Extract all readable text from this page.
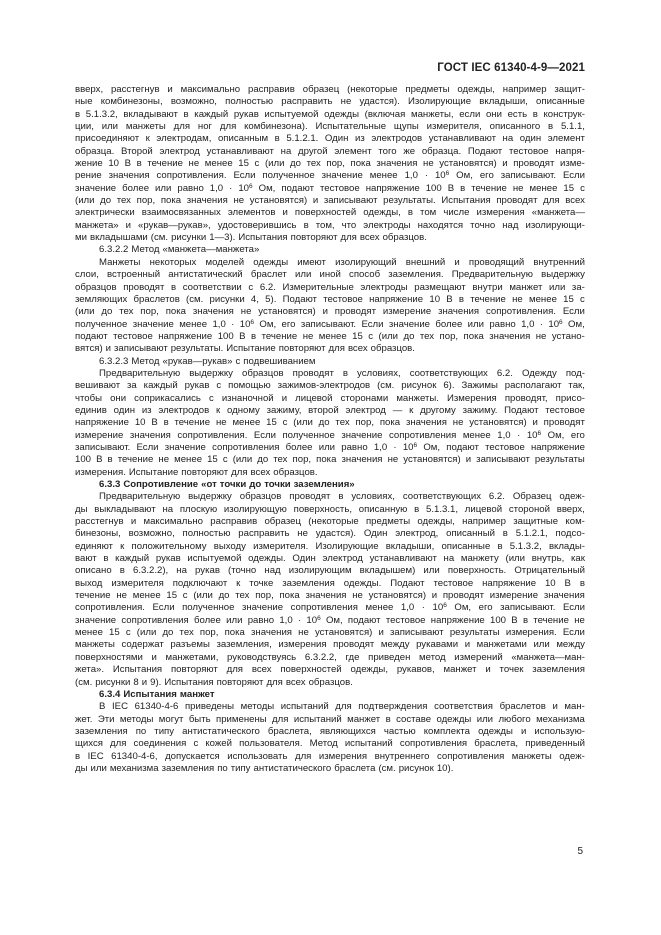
ГОСТ IEC 61340-4-9—2021
вверх, расстегнув и максимально расправив образец (некоторые предметы одежды, например защит-
ные комбинезоны, возможно, полностью расправить не удастся). Изолирующие вкладыши, описанные
в 5.1.3.2, вкладывают в каждый рукав испытуемой одежды (включая манжеты, если они есть в конструк-
ции, или манжеты для ног для комбинезона). Испытательные щупы измерителя, описанного в 5.1.1,
присоединяют к электродам, описанным в 5.1.2.1. Один из электродов устанавливают на один элемент
образца. Второй электрод устанавливают на другой элемент того же образца. Подают тестовое напря-
жение 10 В в течение не менее 15 с (или до тех пор, пока значения не установятся) и проводят изме-
рение значения сопротивления. Если полученное значение менее $1,0 \cdot 10^6$ Ом, его записывают. Если
значение более или равно $1,0 \cdot 10^6$ Ом, подают тестовое напряжение 100 В в течение не менее 15 с
(или до тех пор, пока значения не установятся) и записывают результаты. Испытания проводят для всех
электрически взаимосвязанных элементов и поверхностей одежды, в том числе измерения «манжета—
манжета» и «рукав—рукав», удостоверившись в том, что электроды находятся точно над изолирующи-
ми вкладышами (см. рисунки 1—3). Испытания повторяют для всех образцов.
6.3.2.2 Метод «манжета—манжета»
Манжеты некоторых моделей одежды имеют изолирующий внешний и проводящий внутренний
слои, встроенный антистатический браслет или иной способ заземления. Предварительную выдержку
образцов проводят в соответствии с 6.2. Измерительные электроды размещают внутри манжет или за-
земляющих браслетов (см. рисунки 4, 5). Подают тестовое напряжение 10 В в течение не менее 15 с
(или до тех пор, пока значения не установятся) и проводят измерение значения сопротивления. Если
полученное значение менее $1,0 \cdot 10^6$ Ом, его записывают. Если значение более или равно $1,0 \cdot 10^6$ Ом,
подают тестовое напряжение 100 В в течение не менее 15 с (или до тех пор, пока значения не устано-
вятся) и записывают результаты. Испытание повторяют для всех образцов.
6.3.2.3 Метод «рукав—рукав» с подвешиванием
Предварительную выдержку образцов проводят в условиях, соответствующих 6.2. Одежду под-
вешивают за каждый рукав с помощью зажимов-электродов (см. рисунок 6). Зажимы располагают так,
чтобы они соприкасались с изнаночной и лицевой сторонами манжеты. Измерения проводят, присо-
единив один из электродов к одному зажиму, второй электрод — к другому зажиму. Подают тестовое
напряжение 10 В в течение не менее 15 с (или до тех пор, пока значения не установятся) и проводят
измерение значения сопротивления. Если полученное значение сопротивления менее $1,0 \cdot 10^6$ Ом, его
записывают. Если значение сопротивления более или равно $1,0 \cdot 10^6$ Ом, подают тестовое напряжение
100 В в течение не менее 15 с (или до тех пор, пока значения не установятся) и записывают результаты
измерения. Испытание повторяют для всех образцов.
6.3.3 Сопротивление «от точки до точки заземления»
Предварительную выдержку образцов проводят в условиях, соответствующих 6.2. Образец одеж-
ды выкладывают на плоскую изолирующую поверхность, описанную в 5.1.3.1, лицевой стороной вверх,
расстегнув и максимально расправив образец (некоторые предметы одежды, например защитные ком-
бинезоны, возможно, полностью расправить не удастся). Один электрод, описанный в 5.1.2.1, подсо-
единяют к положительному выходу измерителя. Изолирующие вкладыши, описанные в 5.1.3.2, вклады-
вают в каждый рукав испытуемой одежды. Один электрод устанавливают на манжету (или внутрь, как
описано в 6.3.2.2), на рукав (точно над изолирующим вкладышем) или поверхность. Отрицательный
выход измерителя подключают к точке заземления одежды. Подают тестовое напряжение 10 В в
течение не менее 15 с (или до тех пор, пока значения не установятся) и проводят измерение значения
сопротивления. Если полученное значение сопротивления менее $1,0 \cdot 10^6$ Ом, его записывают. Если
значение сопротивления более или равно $1,0 \cdot 10^6$ Ом, подают тестовое напряжение 100 В в течение не
менее 15 с (или до тех пор, пока значения не установятся) и записывают результаты измерения. Если
манжеты содержат разъемы заземления, измерения проводят между рукавами и манжетами или между
поверхностями и манжетами, руководствуясь 6.3.2.2, где приведен метод измерений «манжета—ман-
жета». Испытания повторяют для всех поверхностей одежды, рукавов, манжет и точек заземления
(см. рисунки 8 и 9). Испытания повторяют для всех образцов.
6.3.4 Испытания манжет
В IEC 61340-4-6 приведены методы испытаний для подтверждения соответствия браслетов и ман-
жет. Эти методы могут быть применены для испытаний манжет в составе одежды или любого механизма
заземления по типу антистатического браслета, являющихся частью комплекта одежды и использую-
щихся для соединения с кожей пользователя. Метод испытаний сопротивления браслета, приведенный
в IEC 61340-4-6, допускается использовать для измерения внутреннего сопротивления манжеты одеж-
ды или механизма заземления по типу антистатического браслета (см. рисунок 10).
5
